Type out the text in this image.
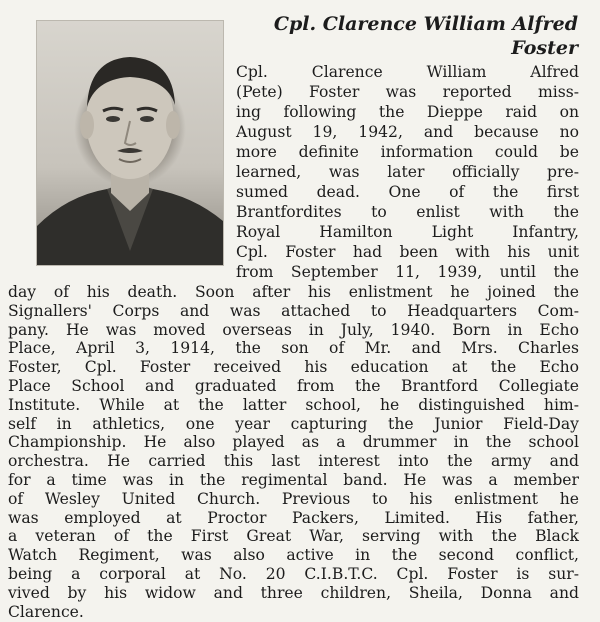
Cpl. Clarence William Alfred
Foster
Cpl. Clarence William Alfred
(Pete) Foster was reported miss-
ing following the Dieppe raid on
August 19, 1942, and because no
more definite information could be
learned, was later officially pre-
sumed dead. One of the first
Brantfordites to enlist with the
Royal Hamilton Light Infantry,
Cpl. Foster had been with his unit
from September 11, 1939, until the
day of his death. Soon after his enlistment he joined the
Signallers' Corps and was attached to Headquarters Com-
pany. He was moved overseas in July, 1940. Born in Echo
Place, April 3, 1914, the son of Mr. and Mrs. Charles
Foster, Cpl. Foster received his education at the Echo
Place School and graduated from the Brantford Collegiate
Institute. While at the latter school, he distinguished him-
self in athletics, one year capturing the Junior Field-Day
Championship. He also played as a drummer in the school
orchestra. He carried this last interest into the army and
for a time was in the regimental band. He was a member
of Wesley United Church. Previous to his enlistment he
was employed at Proctor Packers, Limited. His father,
a veteran of the First Great War, serving with the Black
Watch Regiment, was also active in the second conflict,
being a corporal at No. 20 C.I.B.T.C. Cpl. Foster is sur-
vived by his widow and three children, Sheila, Donna and
Clarence.
